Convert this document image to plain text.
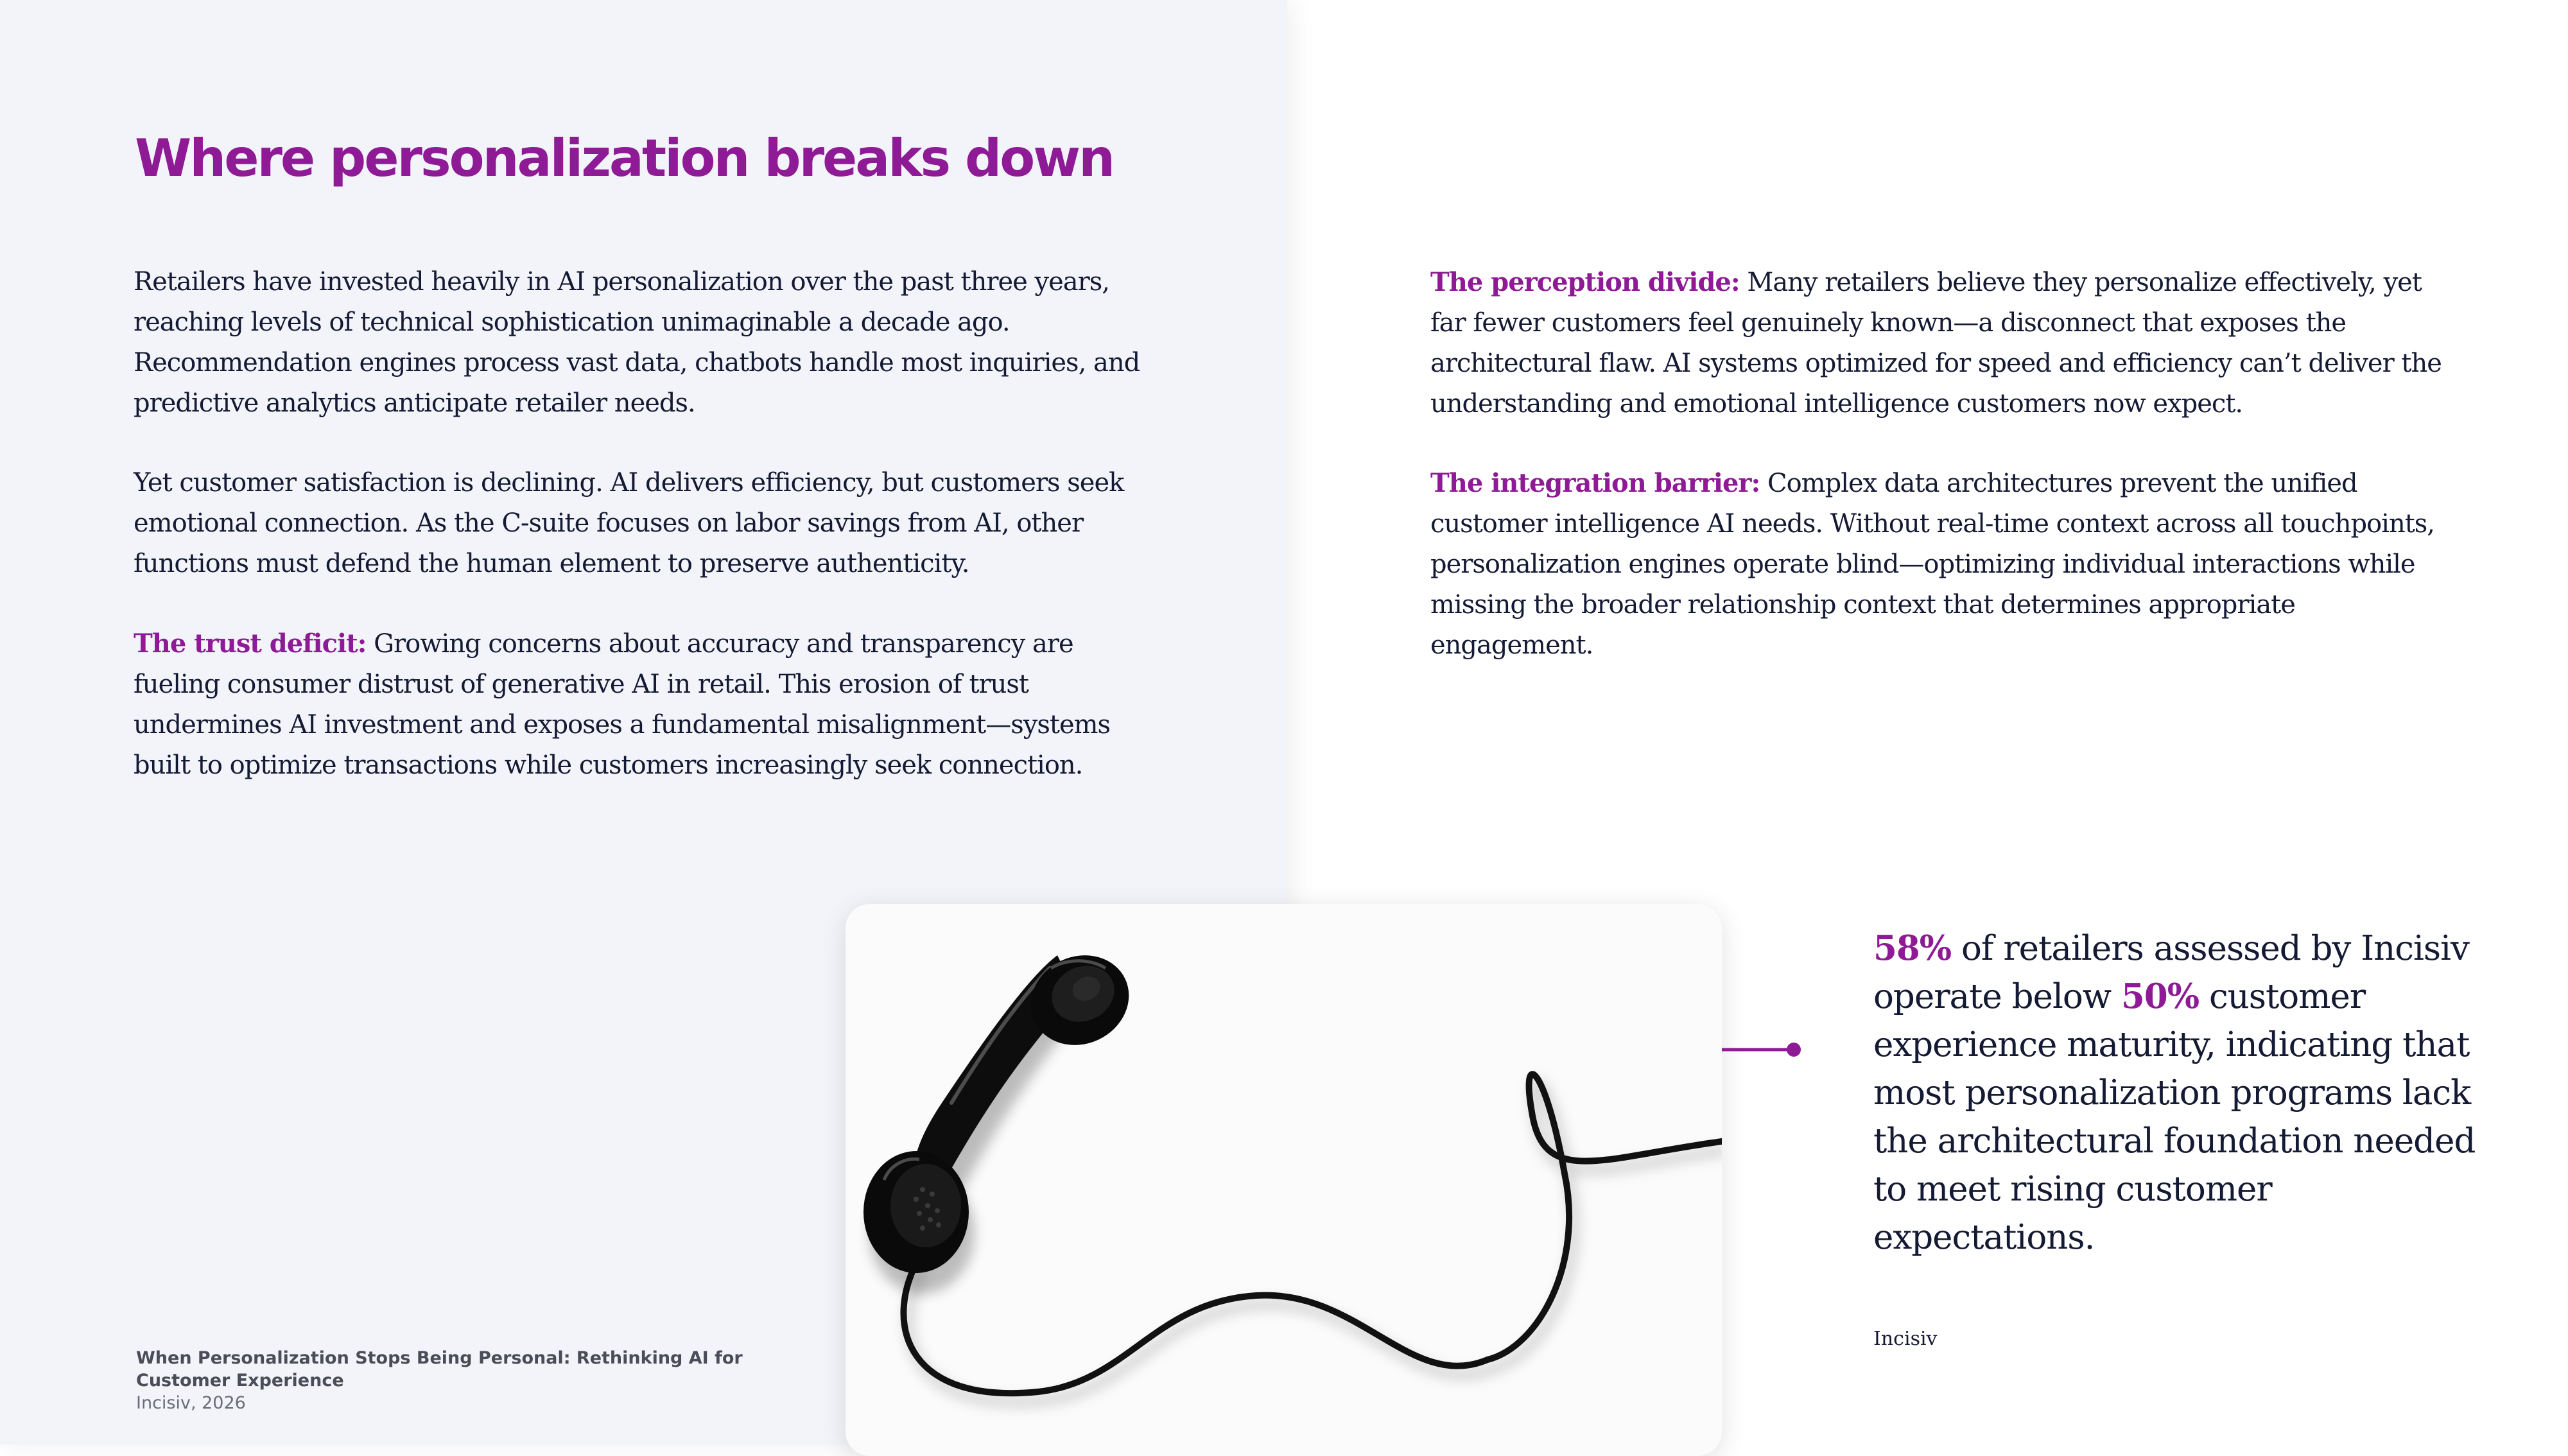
Where personalization breaks down

Retailers have invested heavily in AI personalization over the past three years, reaching levels of technical sophistication unimaginable a decade ago. Recommendation engines process vast data, chatbots handle most inquiries, and predictive analytics anticipate retailer needs.

Yet customer satisfaction is declining. AI delivers efficiency, but customers seek emotional connection. As the C-suite focuses on labor savings from AI, other functions must defend the human element to preserve authenticity.

The trust deficit: Growing concerns about accuracy and transparency are fueling consumer distrust of generative AI in retail. This erosion of trust undermines AI investment and exposes a fundamental misalignment—systems built to optimize transactions while customers increasingly seek connection.

The perception divide: Many retailers believe they personalize effectively, yet far fewer customers feel genuinely known—a disconnect that exposes the architectural flaw. AI systems optimized for speed and efficiency can’t deliver the understanding and emotional intelligence customers now expect.

The integration barrier: Complex data architectures prevent the unified customer intelligence AI needs. Without real-time context across all touchpoints, personalization engines operate blind—optimizing individual interactions while missing the broader relationship context that determines appropriate engagement.

When Personalization Stops Being Personal: Rethinking AI for Customer Experience
Incisiv, 2026

58% of retailers assessed by Incisiv operate below 50% customer experience maturity, indicating that most personalization programs lack the architectural foundation needed to meet rising customer expectations.

Incisiv
